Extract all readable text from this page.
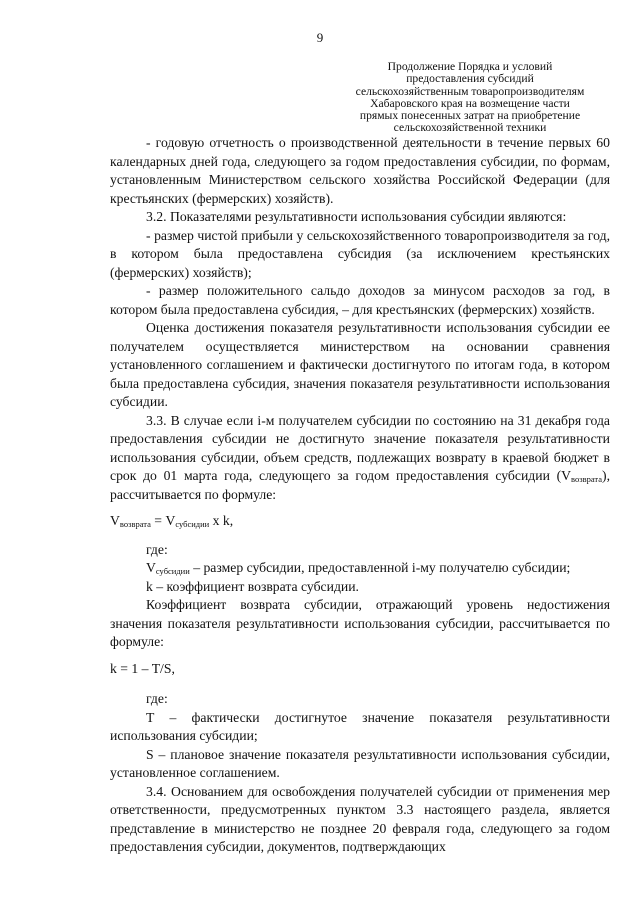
9
Продолжение Порядка и условий
предоставления субсидий
сельскохозяйственным товаропроизводителям
Хабаровского края на возмещение части
прямых понесенных затрат на приобретение
сельскохозяйственной техники

- годовую отчетность о производственной деятельности в течение первых 60 календарных дней года, следующего за годом предоставления субсидии, по формам, установленным Министерством сельского хозяйства Российской Федерации (для крестьянских (фермерских) хозяйств).

3.2. Показателями результативности использования субсидии являются:

- размер чистой прибыли у сельскохозяйственного товаропроизводителя за год, в котором была предоставлена субсидия (за исключением крестьянских (фермерских) хозяйств);

- размер положительного сальдо доходов за минусом расходов за год, в котором была предоставлена субсидия, – для крестьянских (фермерских) хозяйств.

Оценка достижения показателя результативности использования субсидии ее получателем осуществляется министерством на основании сравнения установленного соглашением и фактически достигнутого по итогам года, в котором была предоставлена субсидия, значения показателя результативности использования субсидии.

3.3. В случае если i-м получателем субсидии по состоянию на 31 декабря года предоставления субсидии не достигнуто значение показателя результативности использования субсидии, объем средств, подлежащих возврату в краевой бюджет в срок до 01 марта года, следующего за годом предоставления субсидии $(V_{возврата})$, рассчитывается по формуле:

$V_{возврата} = V_{субсидии}$ x k,

где:

$V_{субсидии}$ – размер субсидии, предоставленной i-му получателю субсидии;

k – коэффициент возврата субсидии.

Коэффициент возврата субсидии, отражающий уровень недостижения значения показателя результативности использования субсидии, рассчитывается по формуле:

k = 1 – T/S,

где:

Т – фактически достигнутое значение показателя результативности использования субсидии;

S – плановое значение показателя результативности использования субсидии, установленное соглашением.

3.4. Основанием для освобождения получателей субсидии от применения мер ответственности, предусмотренных пунктом 3.3 настоящего раздела, является представление в министерство не позднее 20 февраля года, следующего за годом предоставления субсидии, документов, подтверждающих
